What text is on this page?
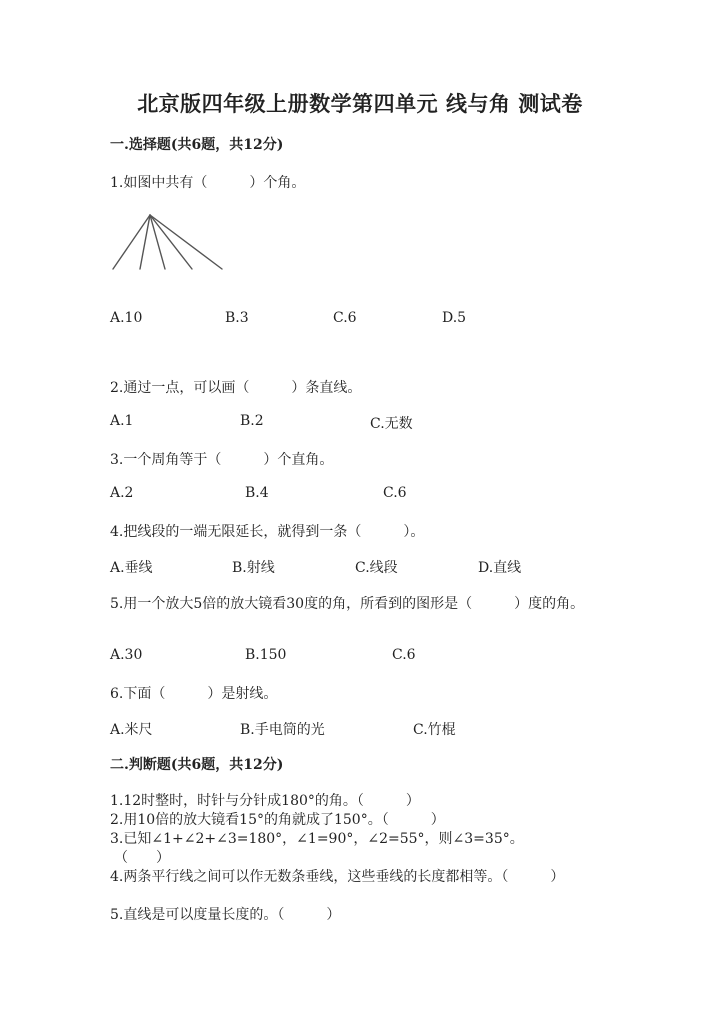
北京版四年级上册数学第四单元 线与角 测试卷
一.选择题(共6题，共12分)
1.如图中共有（　　　）个角。
A.10	B.3	C.6	D.5
2.通过一点，可以画（　　　）条直线。
A.1	B.2	C.无数
3.一个周角等于（　　　）个直角。
A.2	B.4	C.6
4.把线段的一端无限延长，就得到一条（　　　）。
A.垂线	B.射线	C.线段	D.直线
5.用一个放大5倍的放大镜看30度的角，所看到的图形是（　　　）度的角。
A.30	B.150	C.6
6.下面（　　　）是射线。
A.米尺	B.手电筒的光	C.竹棍
二.判断题(共6题，共12分)
1.12时整时，时针与分针成180°的角。（　　　）
2.用10倍的放大镜看15°的角就成了150°。（　　　）
3.已知∠1+∠2+∠3=180°，∠1=90°，∠2=55°，则∠3=35°。
（　　）
4.两条平行线之间可以作无数条垂线，这些垂线的长度都相等。（　　　）
5.直线是可以度量长度的。（　　　）
